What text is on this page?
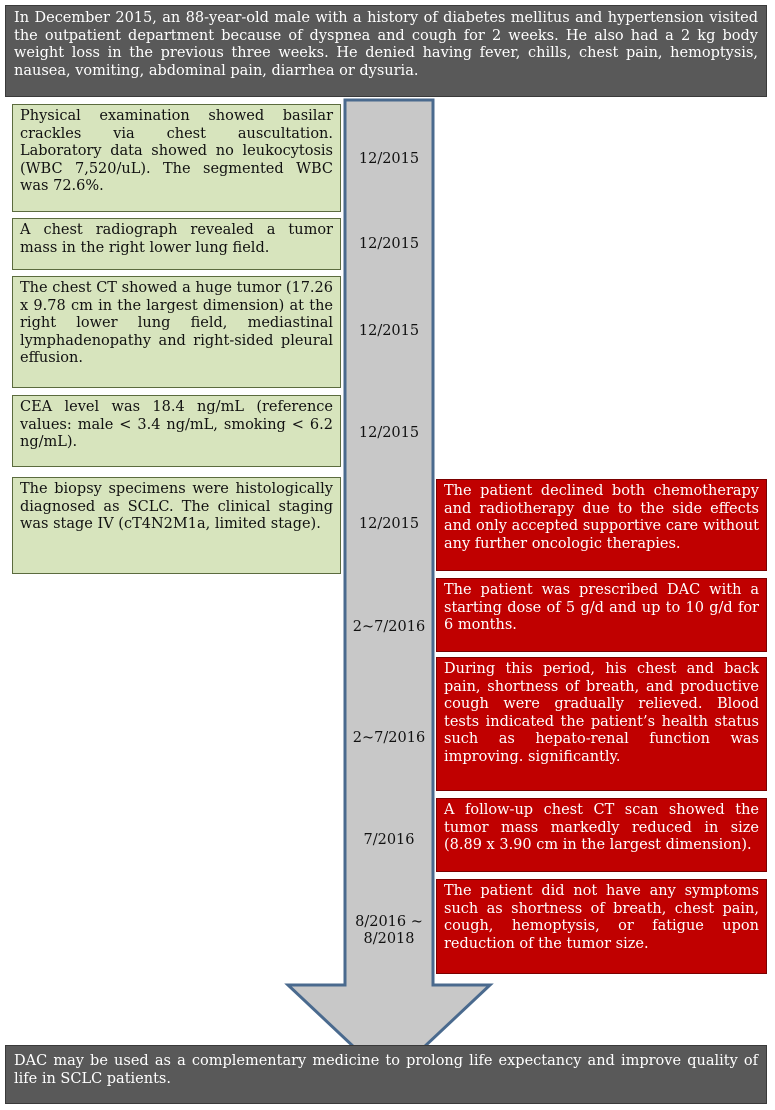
In December 2015, an 88-year-old male with a history of diabetes mellitus and hypertension visited the outpatient department because of dyspnea and cough for 2 weeks. He also had a 2 kg body weight loss in the previous three weeks. He denied having fever, chills, chest pain, hemoptysis, nausea, vomiting, abdominal pain, diarrhea or dysuria.
Physical examination showed basilar crackles via chest auscultation. Laboratory data showed no leukocytosis (WBC 7,520/uL). The segmented WBC was 72.6%.
A chest radiograph revealed a tumor mass in the right lower lung field.
The chest CT showed a huge tumor (17.26 x 9.78 cm in the largest dimension) at the right lower lung field, mediastinal lymphadenopathy and right-sided pleural effusion.
CEA level was 18.4 ng/mL (reference values: male < 3.4 ng/mL, smoking < 6.2 ng/mL).
The biopsy specimens were histologically diagnosed as SCLC. The clinical staging was stage IV (cT4N2M1a, limited stage).
12/2015
12/2015
12/2015
12/2015
12/2015
2~7/2016
2~7/2016
7/2016
8/2016 ~
8/2018
The patient declined both chemotherapy and radiotherapy due to the side effects and only accepted supportive care without any further oncologic therapies.
The patient was prescribed DAC with a starting dose of 5 g/d and up to 10 g/d for 6 months.
During this period, his chest and back pain, shortness of breath, and productive cough were gradually relieved. Blood tests indicated the patient’s health status such as hepato-renal function was improving. significantly.
A follow-up chest CT scan showed the tumor mass markedly reduced in size (8.89 x 3.90 cm in the largest dimension).
The patient did not have any symptoms such as shortness of breath, chest pain, cough, hemoptysis, or fatigue upon reduction of the tumor size.
DAC may be used as a complementary medicine to prolong life expectancy and improve quality of life in SCLC patients.
